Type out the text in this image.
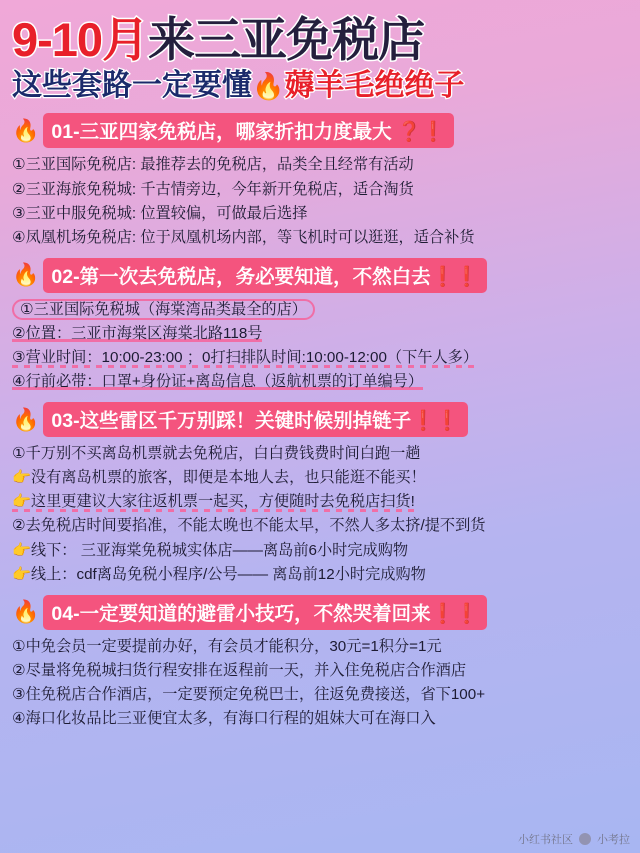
9-10月来三亚免税店
这些套路一定要懂🔥薅羊毛绝绝子
🔥 01-三亚四家免税店，哪家折扣力度最大 ❓❗
①三亚国际免税店: 最推荐去的免税店，品类全且经常有活动
②三亚海旅免税城: 千古情旁边，今年新开免税店，适合淘货
③三亚中服免税城: 位置较偏，可做最后选择
④凤凰机场免税店: 位于凤凰机场内部，等飞机时可以逛逛，适合补货
🔥 02-第一次去免税店，务必要知道，不然白去❗❗
①三亚国际免税城（海棠湾品类最全的店）
②位置：三亚市海棠区海棠北路118号
③营业时间：10:00-23:00 ；0打扫排队时间:10:00-12:00（下午人多）
④行前必带：口罩+身份证+离岛信息（返航机票的订单编号）
🔥 03-这些雷区千万别踩！关键时候别掉链子❗❗
①千万别不买离岛机票就去免税店，白白费钱费时间白跑一趟
👉没有离岛机票的旅客，即便是本地人去，也只能逛不能买！
👉这里更建议大家往返机票一起买，方便随时去免税店扫货!
②去免税店时间要掐准，不能太晚也不能太早，不然人多太挤/提不到货
👉线下： 三亚海棠免税城实体店——离岛前6小时完成购物
👉线上：cdf离岛免税小程序/公号—— 离岛前12小时完成购物
🔥 04-一定要知道的避雷小技巧，不然哭着回来❗❗
①中免会员一定要提前办好，有会员才能积分，30元=1积分=1元
②尽量将免税城扫货行程安排在返程前一天，并入住免税店合作酒店
③住免税店合作酒店，一定要预定免税巴士，往返免费接送，省下100+
④海口化妆品比三亚便宜太多，有海口行程的姐妹大可在海口入
小红书社区 小考拉
